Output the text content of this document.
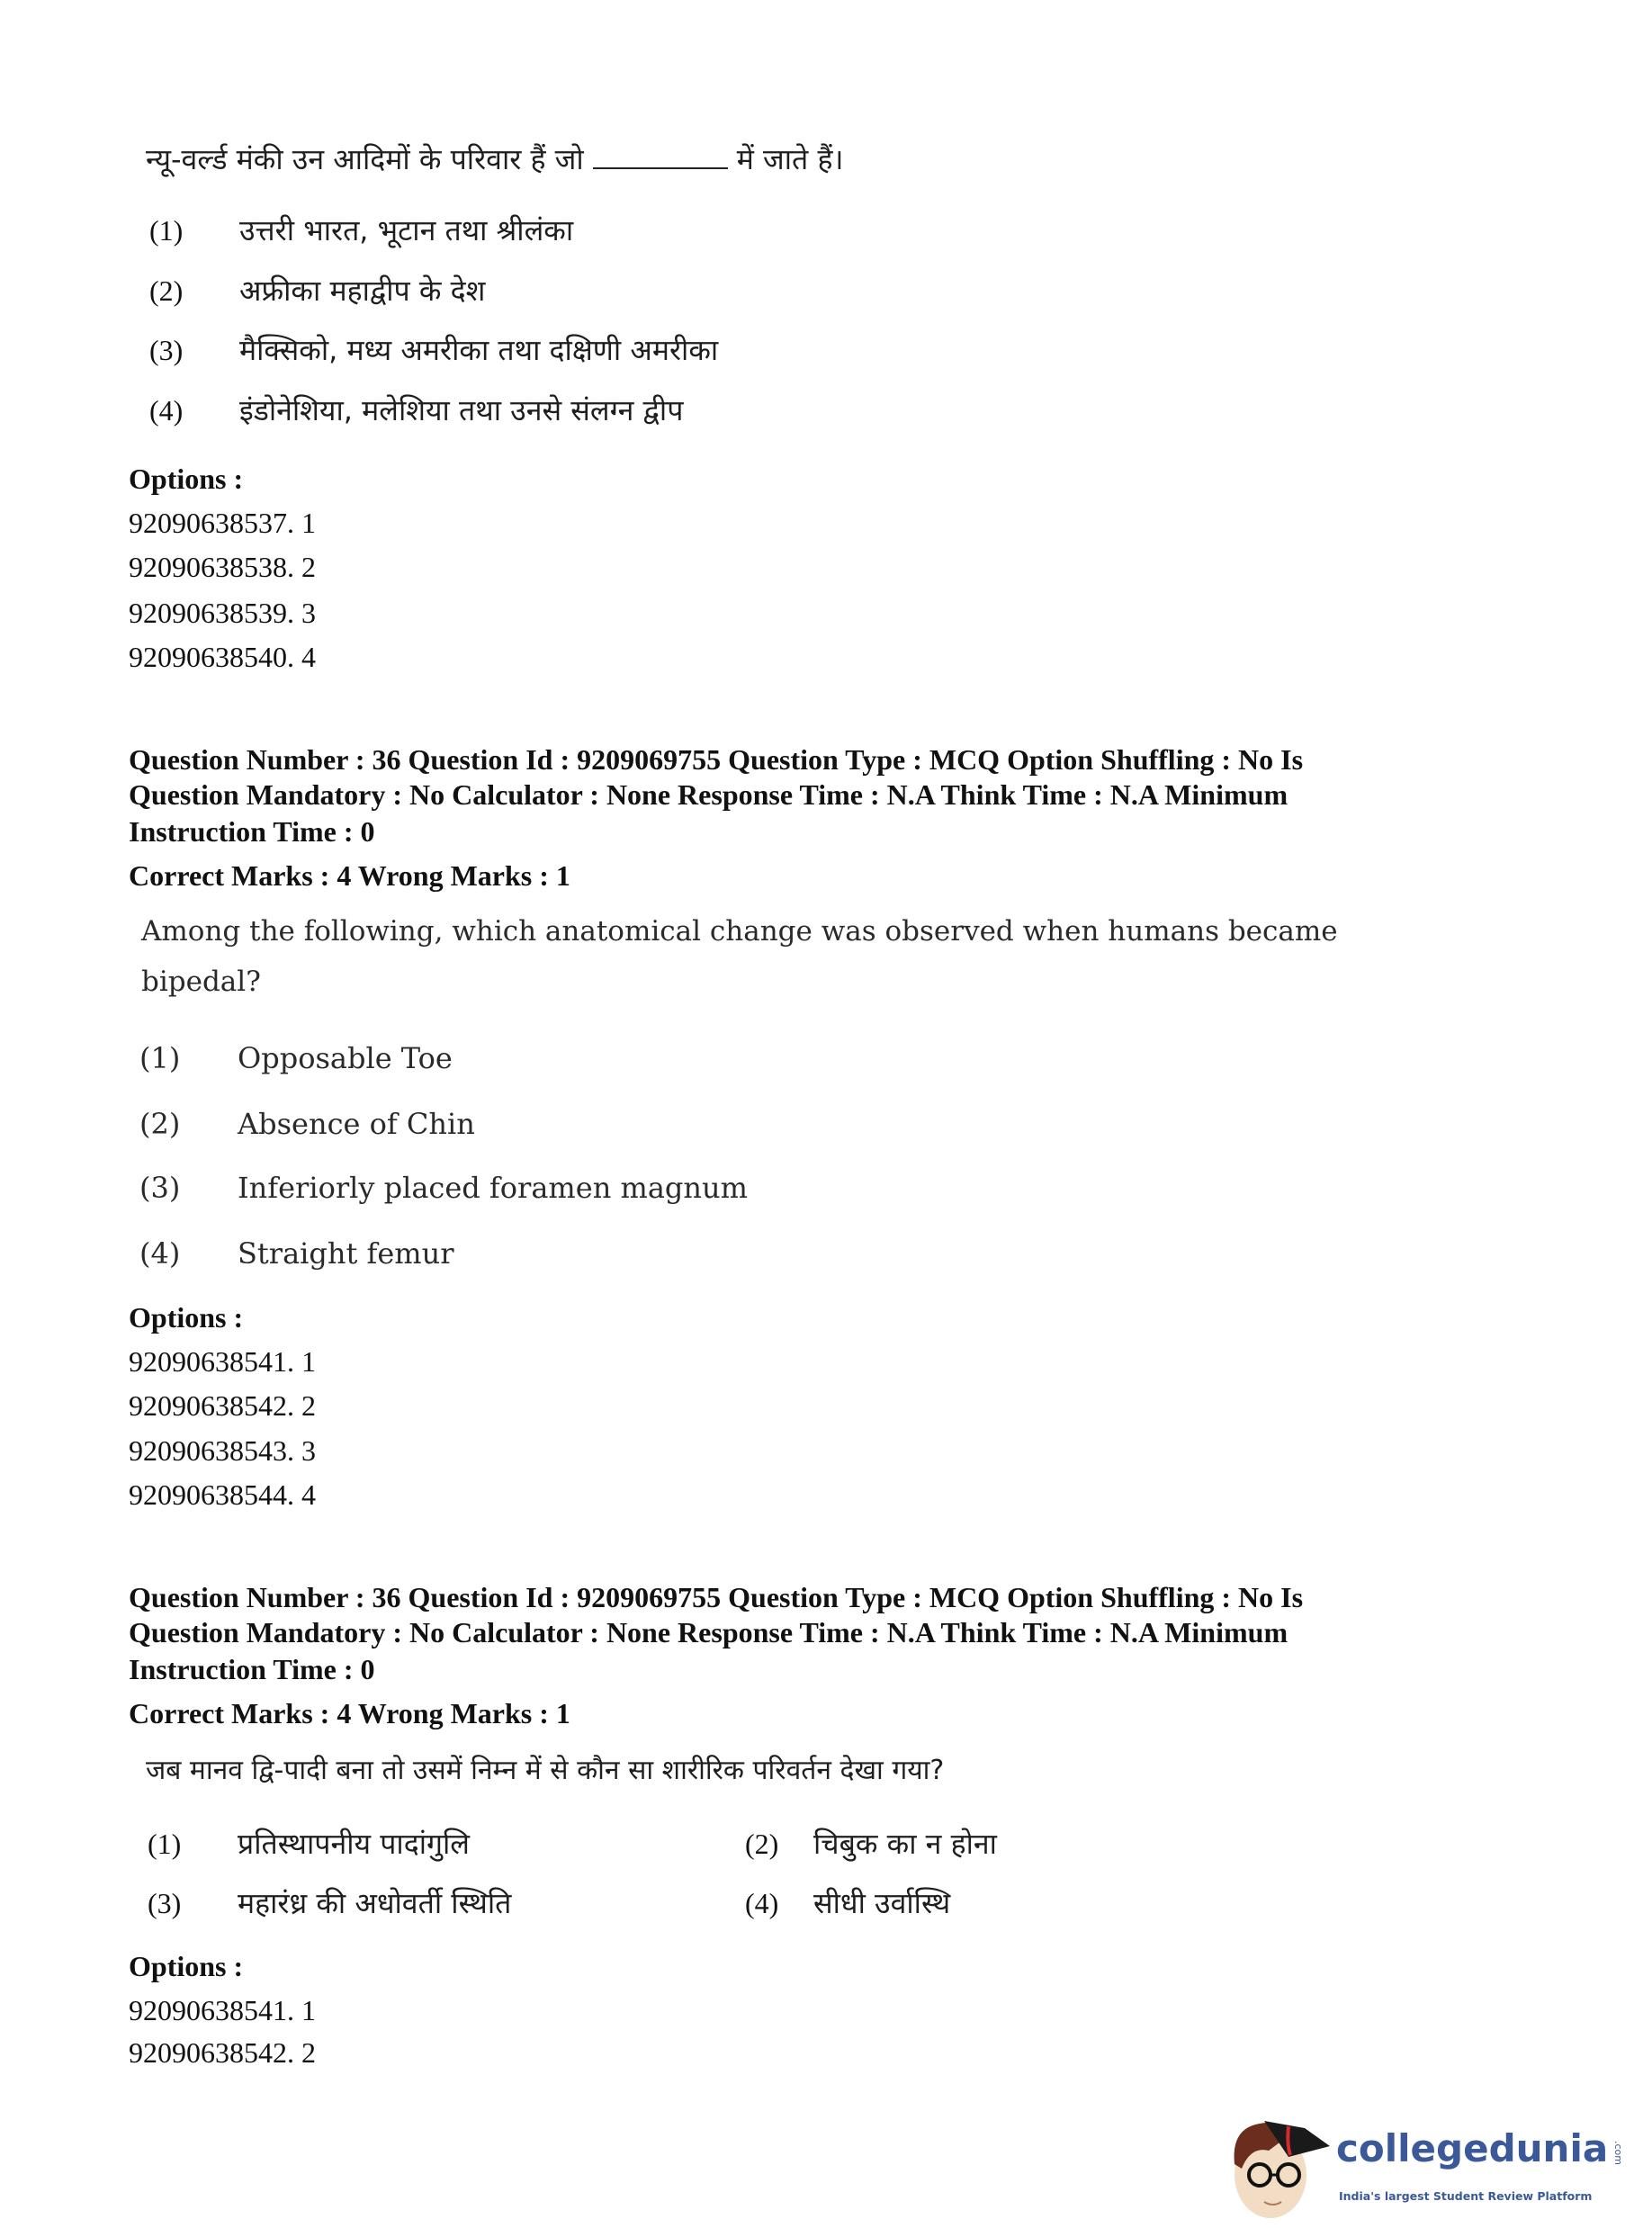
न्यू-वर्ल्ड मंकी उन आदिमों के परिवार हैं जो	में जाते हैं।
(1) उत्तरी भारत, भूटान तथा श्रीलंका
(2) अफ्रीका महाद्वीप के देश
(3) मैक्सिको, मध्य अमरीका तथा दक्षिणी अमरीका
(4) इंडोनेशिया, मलेशिया तथा उनसे संलग्न द्वीप
Options :
92090638537. 1
92090638538. 2
92090638539. 3
92090638540. 4
Question Number : 36 Question Id : 9209069755 Question Type : MCQ Option Shuffling : No Is
Question Mandatory : No Calculator : None Response Time : N.A Think Time : N.A Minimum
Instruction Time : 0
Correct Marks : 4 Wrong Marks : 1
Among the following, which anatomical change was observed when humans became
bipedal?
(1) Opposable Toe
(2) Absence of Chin
(3) Inferiorly placed foramen magnum
(4) Straight femur
Options :
92090638541. 1
92090638542. 2
92090638543. 3
92090638544. 4
Question Number : 36 Question Id : 9209069755 Question Type : MCQ Option Shuffling : No Is
Question Mandatory : No Calculator : None Response Time : N.A Think Time : N.A Minimum
Instruction Time : 0
Correct Marks : 4 Wrong Marks : 1
जब मानव द्वि-पादी बना तो उसमें निम्न में से कौन सा शारीरिक परिवर्तन देखा गया?
(1) प्रतिस्थापनीय पादांगुलि	(2) चिबुक का न होना
(3) महारंध्र की अधोवर्ती स्थिति	(4) सीधी उर्वास्थि
Options :
92090638541. 1
92090638542. 2
collegedunia .com
India's largest Student Review Platform
